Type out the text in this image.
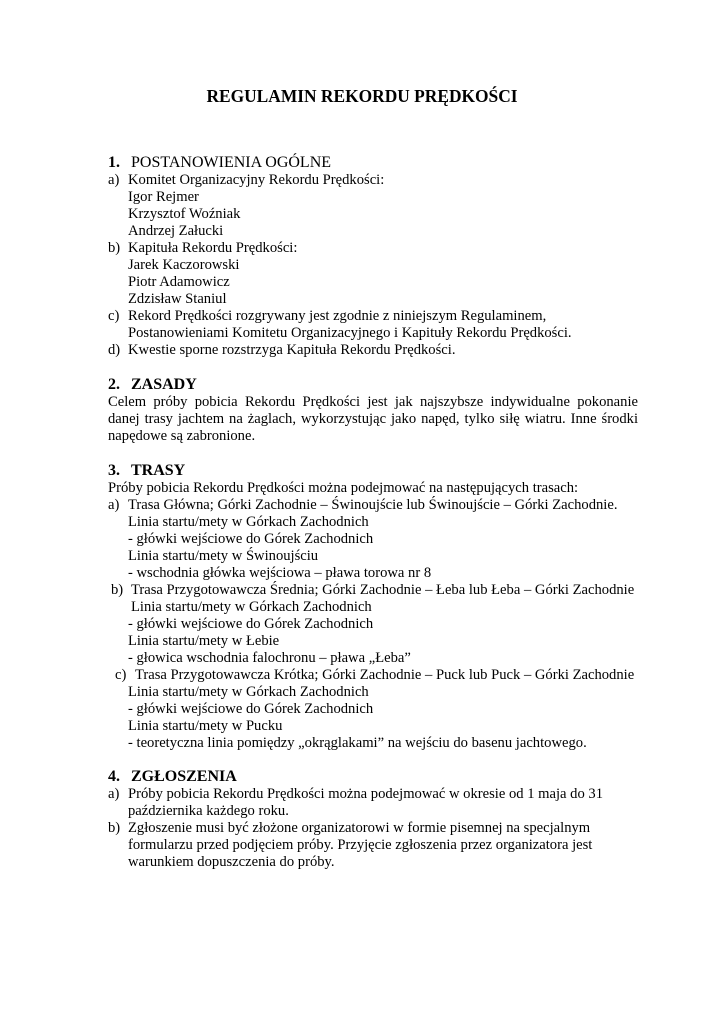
REGULAMIN REKORDU PRĘDKOŚCI
1. POSTANOWIENIA OGÓLNE
a) Komitet Organizacyjny Rekordu Prędkości:
Igor Rejmer
Krzysztof Woźniak
Andrzej Załucki
b) Kapituła Rekordu Prędkości:
Jarek Kaczorowski
Piotr Adamowicz
Zdzisław Staniul
c) Rekord Prędkości rozgrywany jest zgodnie z niniejszym Regulaminem,
Postanowieniami Komitetu Organizacyjnego i Kapituły Rekordu Prędkości.
d) Kwestie sporne rozstrzyga Kapituła Rekordu Prędkości.
2. ZASADY
Celem próby pobicia Rekordu Prędkości jest jak najszybsze indywidualne pokonanie
danej trasy jachtem na żaglach, wykorzystując jako napęd, tylko siłę wiatru. Inne środki
napędowe są zabronione.
3. TRASY
Próby pobicia Rekordu Prędkości można podejmować na następujących trasach:
a) Trasa Główna; Górki Zachodnie – Świnoujście lub Świnoujście – Górki Zachodnie.
Linia startu/mety w Górkach Zachodnich
- główki wejściowe do Górek Zachodnich
Linia startu/mety w Świnoujściu
- wschodnia główka wejściowa – pława torowa nr 8
b) Trasa Przygotowawcza Średnia; Górki Zachodnie – Łeba lub Łeba – Górki Zachodnie
Linia startu/mety w Górkach Zachodnich
- główki wejściowe do Górek Zachodnich
Linia startu/mety w Łebie
- głowica wschodnia falochronu – pława „Łeba”
c) Trasa Przygotowawcza Krótka; Górki Zachodnie – Puck lub Puck – Górki Zachodnie
Linia startu/mety w Górkach Zachodnich
- główki wejściowe do Górek Zachodnich
Linia startu/mety w Pucku
- teoretyczna linia pomiędzy „okrąglakami” na wejściu do basenu jachtowego.
4. ZGŁOSZENIA
a) Próby pobicia Rekordu Prędkości można podejmować w okresie od 1 maja do 31
października każdego roku.
b) Zgłoszenie musi być złożone organizatorowi w formie pisemnej na specjalnym
formularzu przed podjęciem próby. Przyjęcie zgłoszenia przez organizatora jest
warunkiem dopuszczenia do próby.
